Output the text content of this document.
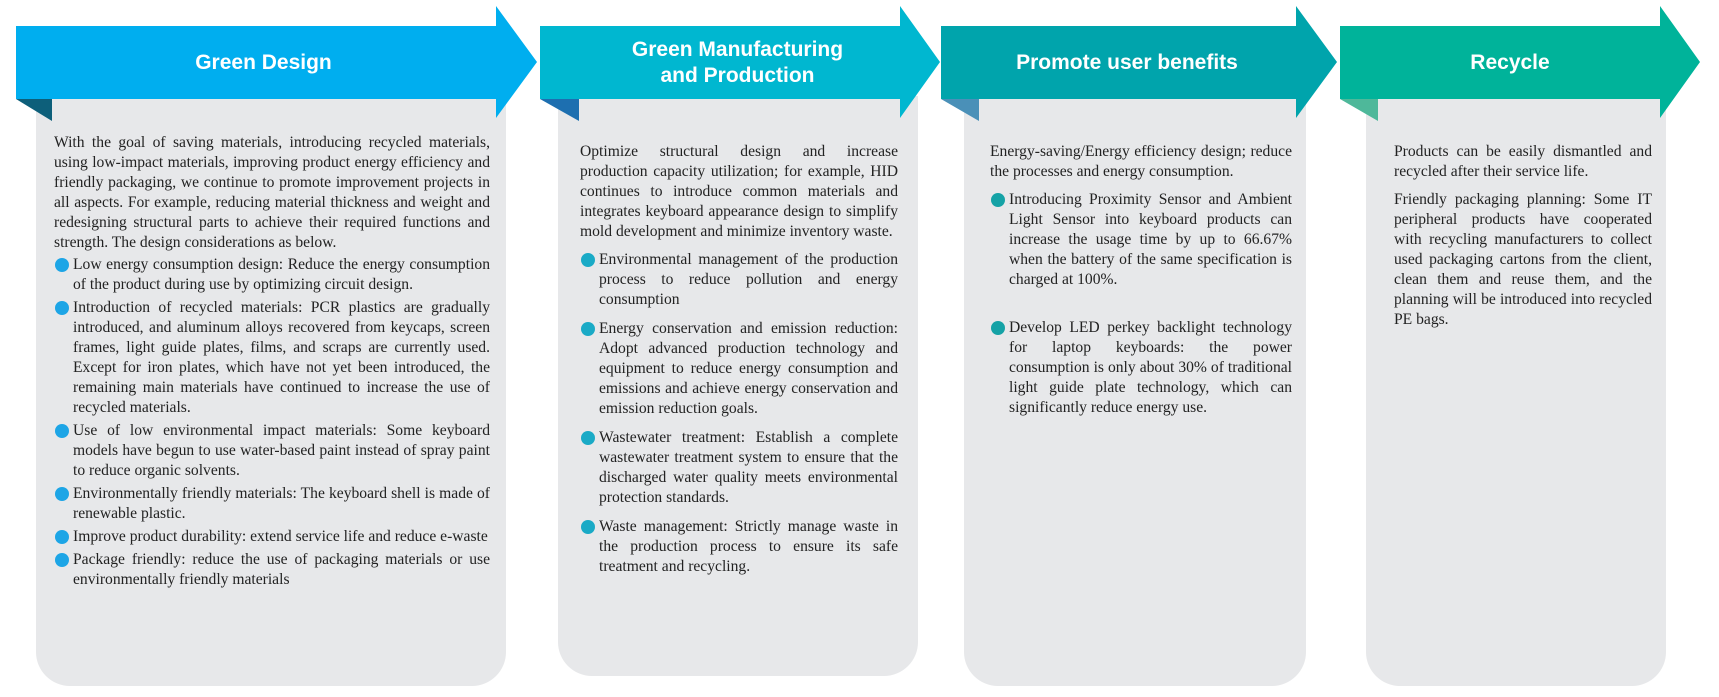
Green Design
Green Manufacturing
and Production
Promote user benefits	Recycle

With the goal of saving materials, introducing recycled materials, using low-impact materials, improving product energy efficiency and friendly packaging, we continue to promote improvement projects in all aspects. For example, reducing material thickness and weight and redesigning structural parts to achieve their required functions and strength. The design considerations as below.

Low energy consumption design: Reduce the energy consumption of the product during use by optimizing circuit design.
Introduction of recycled materials: PCR plastics are gradually introduced, and aluminum alloys recovered from keycaps, screen frames, light guide plates, films, and scraps are currently used. Except for iron plates, which have not yet been introduced, the remaining main materials have continued to increase the use of recycled materials.
Use of low environmental impact materials: Some keyboard models have begun to use water-based paint instead of spray paint to reduce organic solvents.
Environmentally friendly materials: The keyboard shell is made of renewable plastic.
Improve product durability: extend service life and reduce e-waste
Package friendly: reduce the use of packaging materials or use environmentally friendly materials

Optimize structural design and increase production capacity utilization; for example, HID continues to introduce common materials and integrates keyboard appearance design to simplify mold development and minimize inventory waste.

Environmental management of the production process to reduce pollution and energy consumption
Energy conservation and emission reduction: Adopt advanced production technology and equipment to reduce energy consumption and emissions and achieve energy conservation and emission reduction goals.
Wastewater treatment: Establish a complete wastewater treatment system to ensure that the discharged water quality meets environmental protection standards.
Waste management: Strictly manage waste in the production process to ensure its safe treatment and recycling.

Energy-saving/Energy efficiency design; reduce the processes and energy consumption.

Introducing Proximity Sensor and Ambient Light Sensor into keyboard products can increase the usage time by up to 66.67% when the battery of the same specification is charged at 100%.
Develop LED perkey backlight technology for laptop keyboards: the power consumption is only about 30% of traditional light guide plate technology, which can significantly reduce energy use.

Products can be easily dismantled and recycled after their service life.

Friendly packaging planning: Some IT peripheral products have cooperated with recycling manufacturers to collect used packaging cartons from the client, clean them and reuse them, and the planning will be introduced into recycled PE bags.
